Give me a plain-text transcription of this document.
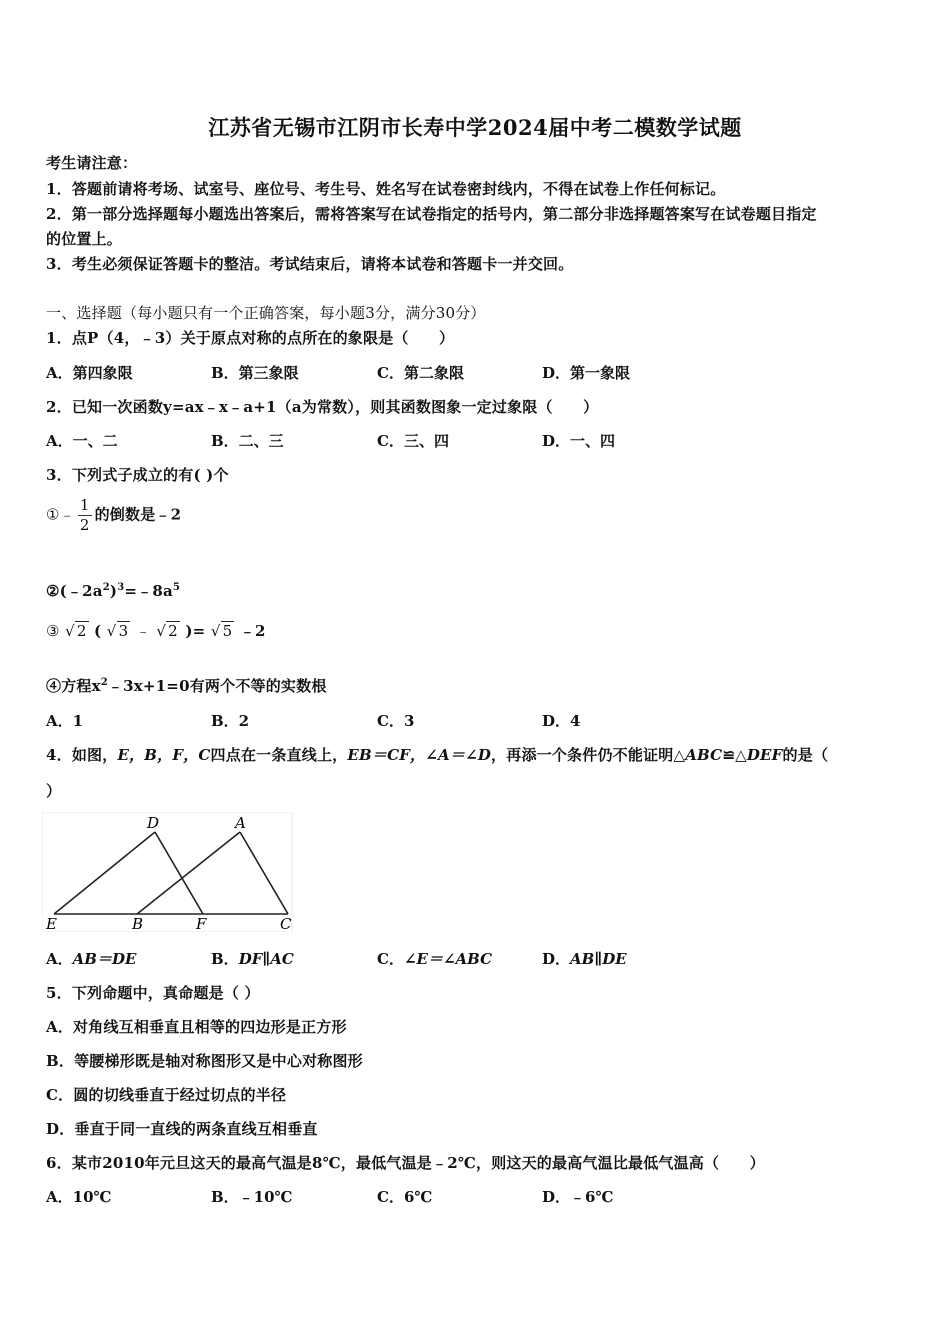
江苏省无锡市江阴市长寿中学2024届中考二模数学试题
考生请注意：
1．答题前请将考场、试室号、座位号、考生号、姓名写在试卷密封线内，不得在试卷上作任何标记。
2．第一部分选择题每小题选出答案后，需将答案写在试卷指定的括号内，第二部分非选择题答案写在试卷题目指定
的位置上。
3．考生必须保证答题卡的整洁。考试结束后，请将本试卷和答题卡一并交回。
一、选择题（每小题只有一个正确答案，每小题3分，满分30分）
1．点P（4，﹣3）关于原点对称的点所在的象限是（　　）
A．第四象限	B．第三象限	C．第二象限	D．第一象限
2．已知一次函数y=ax﹣x﹣a+1（a为常数），则其函数图象一定过象限（　　）
A．一、二	B．二、三	C．三、四	D．一、四
3．下列式子成立的有( )个
①﹣ $\frac{1}{2}$ 的倒数是﹣2
$②(﹣2a^2)^3=﹣8a^5$
③ √ 2 ( √ 3 ﹣ √ 2 )= √ 5 ﹣2
④方程$x^2﹣3x+1=0$有两个不等的实数根
A．1	B．2	C．3	D．4
4．如图，E，B，F，C四点在一条直线上，EB＝CF，∠A＝∠D，再添一个条件仍不能证明△ABC≌△DEF的是（
）
D	A
E	B	F	C
A．AB＝DE	B．DF∥AC	C．∠E＝∠ABC	D．AB∥DE
5．下列命题中，真命题是（ ）
A．对角线互相垂直且相等的四边形是正方形
B．等腰梯形既是轴对称图形又是中心对称图形
C．圆的切线垂直于经过切点的半径
D．垂直于同一直线的两条直线互相垂直
6．某市2010年元旦这天的最高气温是8℃，最低气温是﹣2℃，则这天的最高气温比最低气温高（　　）
A．10℃	B．﹣10℃	C．6℃	D．﹣6℃
